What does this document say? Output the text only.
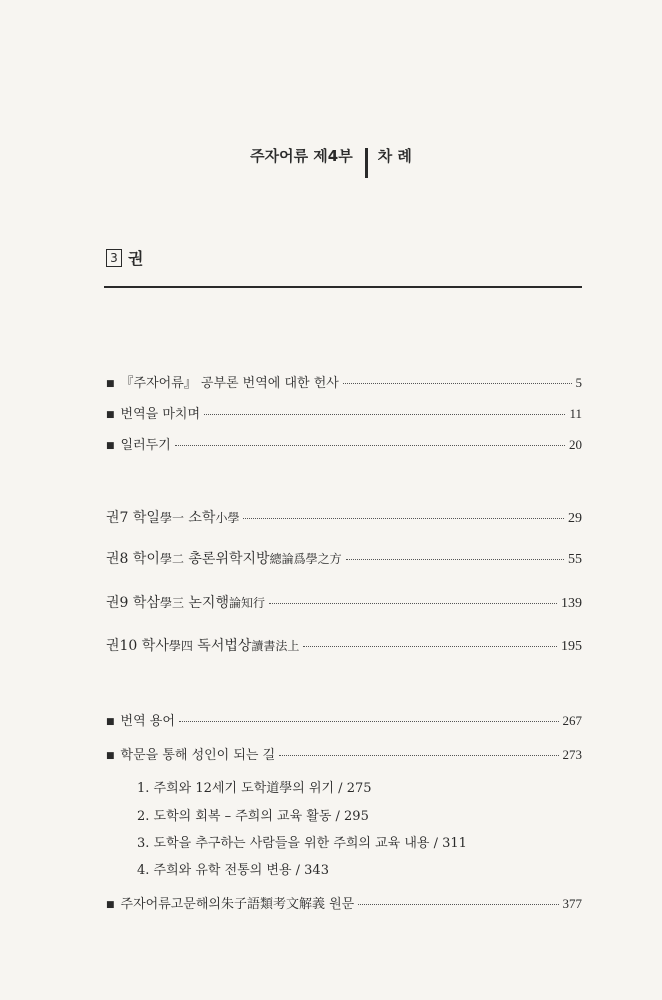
주자어류 제4부 차 례
3 권
■ 『주자어류』 공부론 번역에 대한 헌사	5
■ 번역을 마치며	11
■ 일러두기	20
권7 학일學一 소학小學	29
권8 학이學二 총론위학지방總論爲學之方	55
권9 학삼學三 논지행論知行	139
권10 학사學四 독서법상讀書法上	195
■ 번역 용어	267
■ 학문을 통해 성인이 되는 길	273
1. 주희와 12세기 도학道學의 위기 / 275
2. 도학의 회복 – 주희의 교육 활동 / 295
3. 도학을 추구하는 사람들을 위한 주희의 교육 내용 / 311
4. 주희와 유학 전통의 변용 / 343
■ 주자어류고문해의朱子語類考文解義 원문	377
